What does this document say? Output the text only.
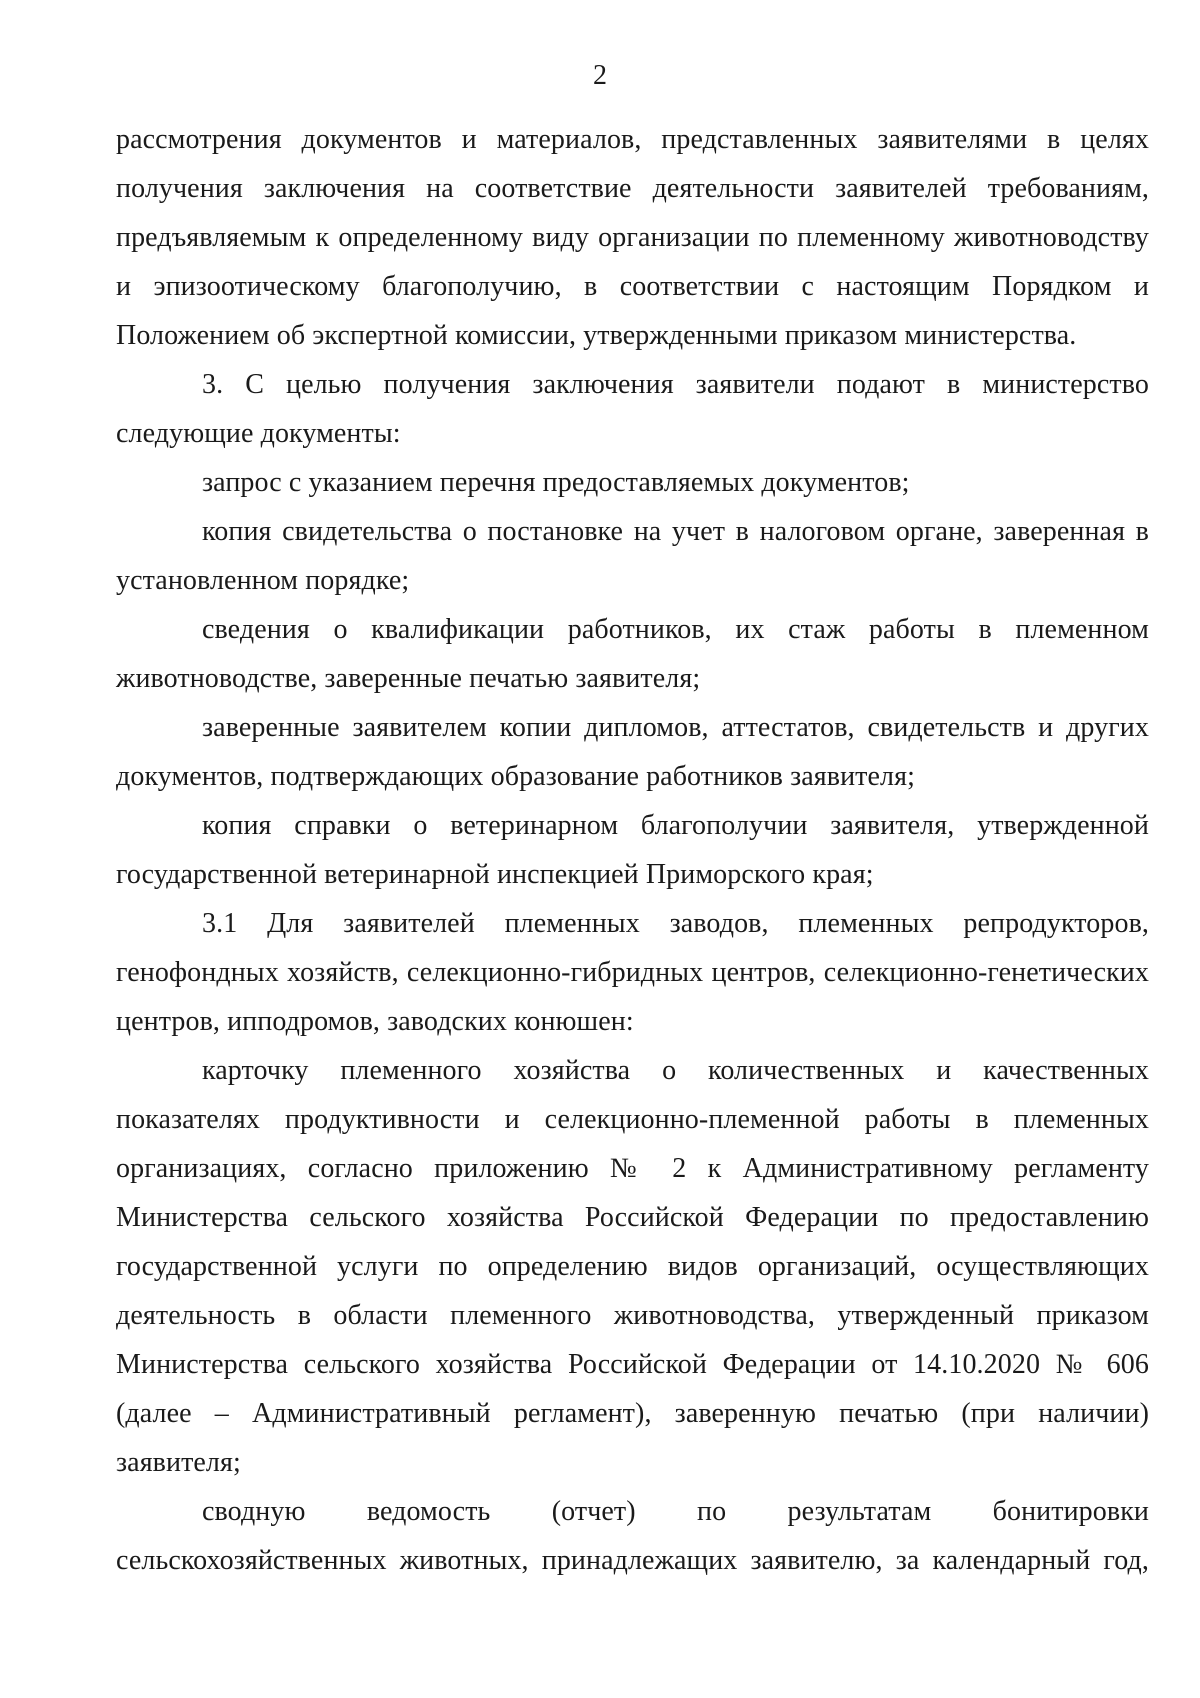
2

рассмотрения документов и материалов, представленных заявителями в целях получения заключения на соответствие деятельности заявителей требованиям, предъявляемым к определенному виду организации по племенному животноводству и эпизоотическому благополучию, в соответствии с настоящим Порядком и Положением об экспертной комиссии, утвержденными приказом министерства.

3. С целью получения заключения заявители подают в министерство следующие документы:

запрос с указанием перечня предоставляемых документов;

копия свидетельства о постановке на учет в налоговом органе, заверенная в установленном порядке;

сведения о квалификации работников, их стаж работы в племенном животноводстве, заверенные печатью заявителя;

заверенные заявителем копии дипломов, аттестатов, свидетельств и других документов, подтверждающих образование работников заявителя;

копия справки о ветеринарном благополучии заявителя, утвержденной государственной ветеринарной инспекцией Приморского края;

3.1 Для заявителей племенных заводов, племенных репродукторов, генофондных хозяйств, селекционно-гибридных центров, селекционно-генетических центров, ипподромов, заводских конюшен:

карточку племенного хозяйства о количественных и качественных показателях продуктивности и селекционно-племенной работы в племенных организациях, согласно приложению № 2 к Административному регламенту Министерства сельского хозяйства Российской Федерации по предоставлению государственной услуги по определению видов организаций, осуществляющих деятельность в области племенного животноводства, утвержденный приказом Министерства сельского хозяйства Российской Федерации от 14.10.2020 № 606 (далее – Административный регламент), заверенную печатью (при наличии) заявителя;

сводную ведомость (отчет) по результатам бонитировки сельскохозяйственных животных, принадлежащих заявителю, за календарный год,
